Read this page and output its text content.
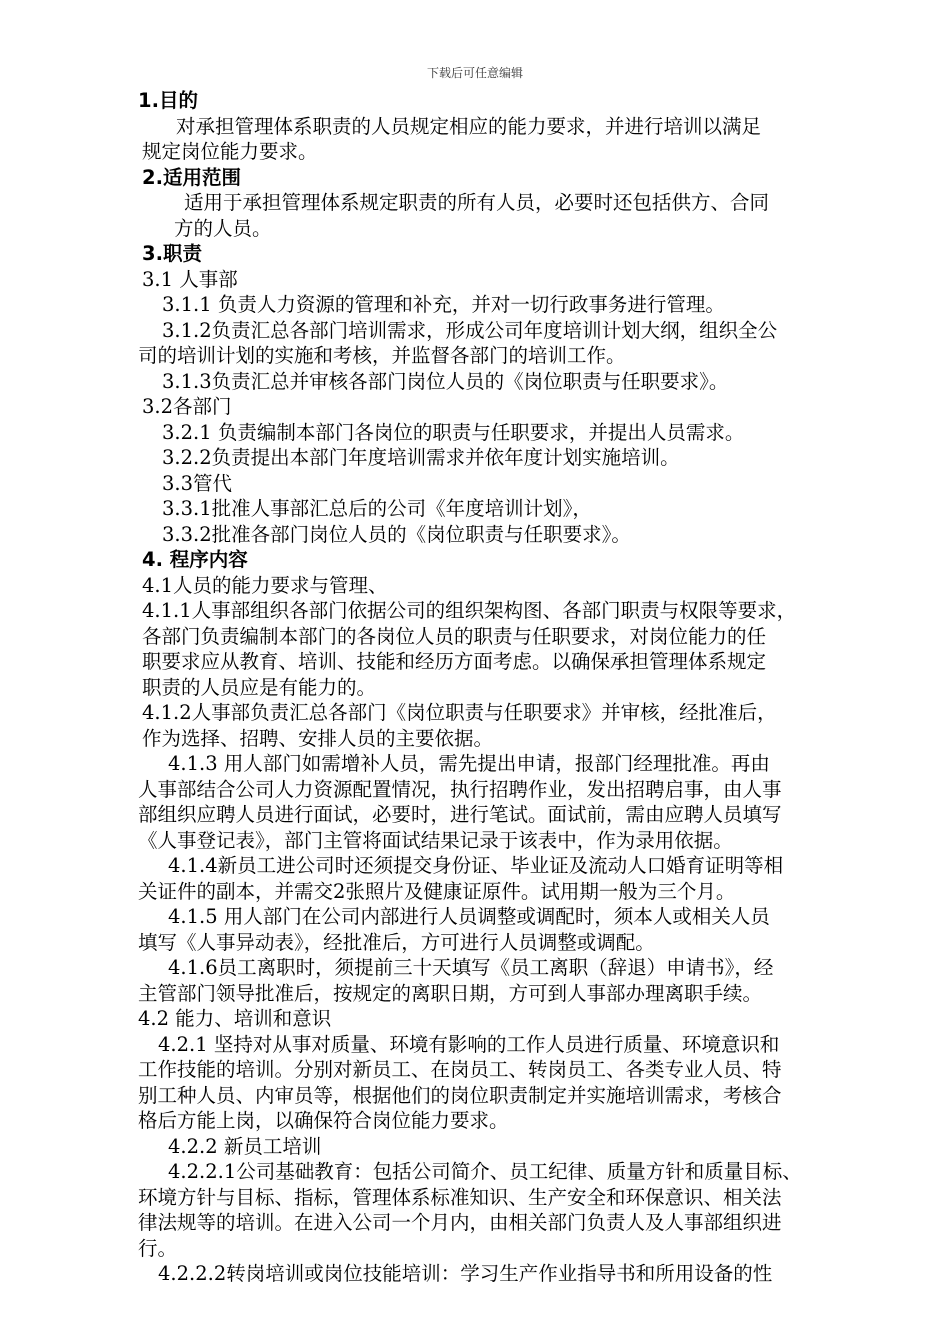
下载后可任意编辑
1.目的
对承担管理体系职责的人员规定相应的能力要求，并进行培训以满足
规定岗位能力要求。
2.适用范围
适用于承担管理体系规定职责的所有人员，必要时还包括供方、合同
方的人员。
3.职责
3.1 人事部
3.1.1 负责人力资源的管理和补充，并对一切行政事务进行管理。
3.1.2负责汇总各部门培训需求，形成公司年度培训计划大纲，组织全公
司的培训计划的实施和考核，并监督各部门的培训工作。
3.1.3负责汇总并审核各部门岗位人员的《岗位职责与任职要求》。
3.2各部门
3.2.1 负责编制本部门各岗位的职责与任职要求，并提出人员需求。
3.2.2负责提出本部门年度培训需求并依年度计划实施培训。
3.3管代
3.3.1批准人事部汇总后的公司《年度培训计划》，
3.3.2批准各部门岗位人员的《岗位职责与任职要求》。
4. 程序内容
4.1人员的能力要求与管理、
4.1.1人事部组织各部门依据公司的组织架构图、各部门职责与权限等要求，
各部门负责编制本部门的各岗位人员的职责与任职要求，对岗位能力的任
职要求应从教育、培训、技能和经历方面考虑。以确保承担管理体系规定
职责的人员应是有能力的。
4.1.2人事部负责汇总各部门《岗位职责与任职要求》并审核，经批准后，
作为选择、招聘、安排人员的主要依据。
4.1.3 用人部门如需增补人员，需先提出申请，报部门经理批准。再由
人事部结合公司人力资源配置情况，执行招聘作业，发出招聘启事，由人事
部组织应聘人员进行面试，必要时，进行笔试。面试前，需由应聘人员填写
《人事登记表》，部门主管将面试结果记录于该表中，作为录用依据。
4.1.4新员工进公司时还须提交身份证、毕业证及流动人口婚育证明等相
关证件的副本，并需交2张照片及健康证原件。试用期一般为三个月。
4.1.5 用人部门在公司内部进行人员调整或调配时，须本人或相关人员
填写《人事异动表》，经批准后，方可进行人员调整或调配。
4.1.6员工离职时，须提前三十天填写《员工离职（辞退）申请书》，经
主管部门领导批准后，按规定的离职日期，方可到人事部办理离职手续。
4.2 能力、培训和意识
4.2.1 坚持对从事对质量、环境有影响的工作人员进行质量、环境意识和
工作技能的培训。分别对新员工、在岗员工、转岗员工、各类专业人员、特
别工种人员、内审员等，根据他们的岗位职责制定并实施培训需求，考核合
格后方能上岗，以确保符合岗位能力要求。
4.2.2 新员工培训
4.2.2.1公司基础教育：包括公司简介、员工纪律、质量方针和质量目标、
环境方针与目标、指标，管理体系标准知识、生产安全和环保意识、相关法
律法规等的培训。在进入公司一个月内，由相关部门负责人及人事部组织进
行。
4.2.2.2转岗培训或岗位技能培训：学习生产作业指导书和所用设备的性
